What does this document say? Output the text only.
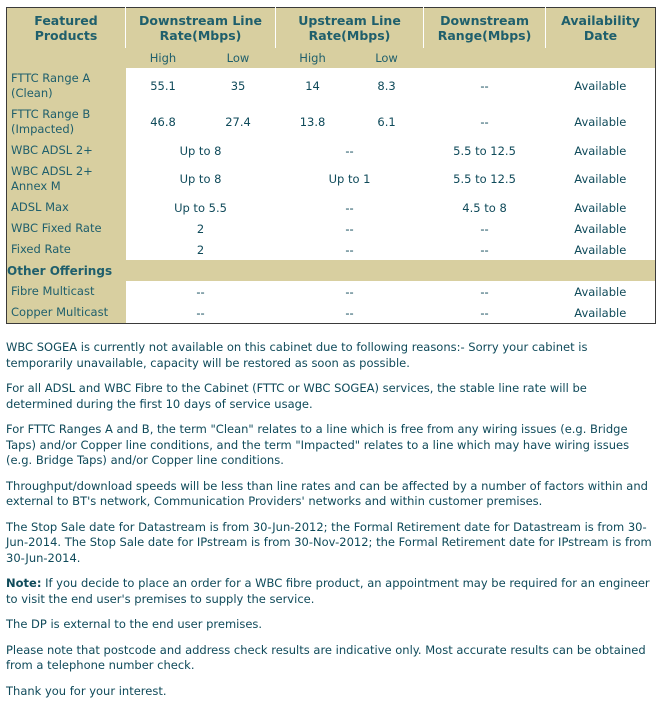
Featured Products	Downstream Line Rate(Mbps)		Upstream Line Rate(Mbps)		Downstream Range(Mbps)	Availability Date
	High	Low	High	Low		
FTTC Range A (Clean)	55.1	35	14	8.3	--	Available
FTTC Range B (Impacted)	46.8	27.4	13.8	6.1	--	Available
WBC ADSL 2+	Up to 8		--		5.5 to 12.5	Available
WBC ADSL 2+ Annex M	Up to 8		Up to 1		5.5 to 12.5	Available
ADSL Max	Up to 5.5		--		4.5 to 8	Available
WBC Fixed Rate	2		--		--	Available
Fixed Rate	2		--		--	Available
Other Offerings						
Fibre Multicast	--		--		--	Available
Copper Multicast	--		--		--	Available

WBC SOGEA is currently not available on this cabinet due to following reasons:- Sorry your cabinet is temporarily unavailable, capacity will be restored as soon as possible.

For all ADSL and WBC Fibre to the Cabinet (FTTC or WBC SOGEA) services, the stable line rate will be determined during the first 10 days of service usage.

For FTTC Ranges A and B, the term "Clean" relates to a line which is free from any wiring issues (e.g. Bridge Taps) and/or Copper line conditions, and the term "Impacted" relates to a line which may have wiring issues (e.g. Bridge Taps) and/or Copper line conditions.

Throughput/download speeds will be less than line rates and can be affected by a number of factors within and external to BT's network, Communication Providers' networks and within customer premises.

The Stop Sale date for Datastream is from 30-Jun-2012; the Formal Retirement date for Datastream is from 30-Jun-2014. The Stop Sale date for IPstream is from 30-Nov-2012; the Formal Retirement date for IPstream is from 30-Jun-2014.

Note: If you decide to place an order for a WBC fibre product, an appointment may be required for an engineer to visit the end user's premises to supply the service.

The DP is external to the end user premises.

Please note that postcode and address check results are indicative only. Most accurate results can be obtained from a telephone number check.

Thank you for your interest.
